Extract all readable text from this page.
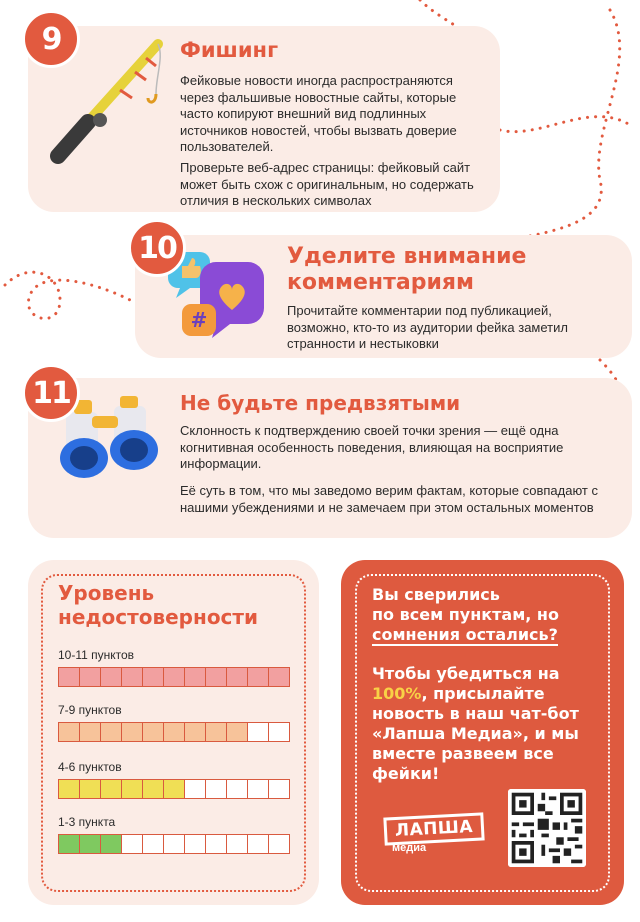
9	Фишинг
Фейковые новости иногда распространяются через фальшивые новостные сайты, которые часто копируют внешний вид подлинных источников новостей, чтобы вызвать доверие пользователей.
Проверьте веб-адрес страницы: фейковый сайт может быть схож с оригинальным, но содержать отличия в нескольких символах
#
10	Уделите внимание комментариям
Прочитайте комментарии под публикацией, возможно, кто-то из аудитории фейка заметил странности и нестыковки
11	Не будьте предвзятыми
Склонность к подтверждению своей точки зрения — ещё одна когнитивная особенность поведения, влияющая на восприятие информации.
Её суть в том, что мы заведомо верим фактам, которые совпадают с нашими убеждениями и не замечаем при этом остальных моментов
Уровень недостоверности
10-11 пунктов
7-9 пунктов
4-6 пунктов
1-3 пункта
Вы сверились
по всем пунктам, но
сомнения остались?
Чтобы убедиться на 100%, присылайте новость в наш чат-бот «Лапша Медиа», и мы вместе развеем все фейки!
ЛАПША
медиа
